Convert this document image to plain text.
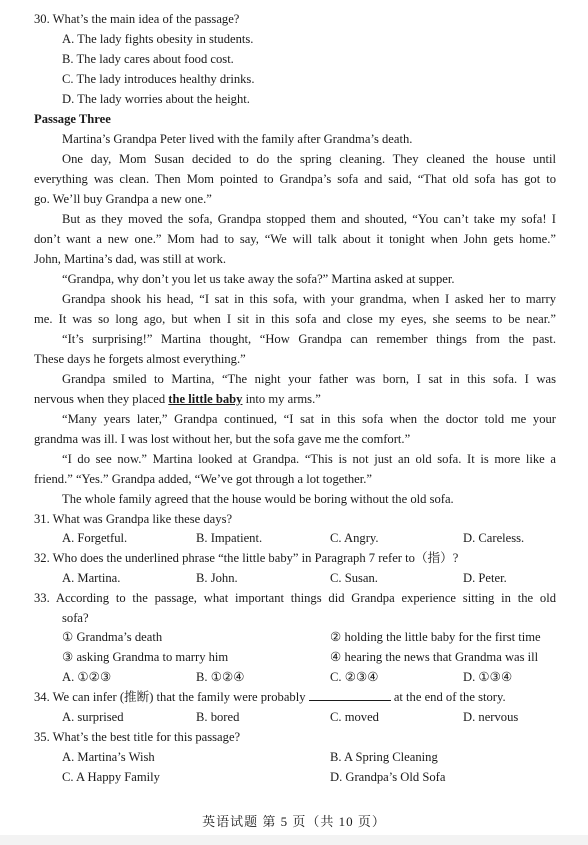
30. What’s the main idea of the passage?
A. The lady fights obesity in students.
B. The lady cares about food cost.
C. The lady introduces healthy drinks.
D. The lady worries about the height.
Passage Three
Martina’s Grandpa Peter lived with the family after Grandma’s death.
One day, Mom Susan decided to do the spring cleaning. They cleaned the house until
everything was clean. Then Mom pointed to Grandpa’s sofa and said, “That old sofa has got to
go. We’ll buy Grandpa a new one.”
But as they moved the sofa, Grandpa stopped them and shouted, “You can’t take my sofa! I
don’t want a new one.” Mom had to say, “We will talk about it tonight when John gets home.”
John, Martina’s dad, was still at work.
“Grandpa, why don’t you let us take away the sofa?” Martina asked at supper.
Grandpa shook his head, “I sat in this sofa, with your grandma, when I asked her to marry
me. It was so long ago, but when I sit in this sofa and close my eyes, she seems to be near.”
“It’s surprising!” Martina thought, “How Grandpa can remember things from the past.
These days he forgets almost everything.”
Grandpa smiled to Martina, “The night your father was born, I sat in this sofa. I was
nervous when they placed the little baby into my arms.”
“Many years later,” Grandpa continued, “I sat in this sofa when the doctor told me your
grandma was ill. I was lost without her, but the sofa gave me the comfort.”
“I do see now.” Martina looked at Grandpa. “This is not just an old sofa. It is more like a
friend.” “Yes.” Grandpa added, “We’ve got through a lot together.”
The whole family agreed that the house would be boring without the old sofa.
31. What was Grandpa like these days?
A. Forgetful.	B. Impatient.	C. Angry.	D. Careless.
32. Who does the underlined phrase “the little baby” in Paragraph 7 refer to（指）?
A. Martina.	B. John.	C. Susan.	D. Peter.
33. According to the passage, what important things did Grandpa experience sitting in the old
sofa?
① Grandma’s death	② holding the little baby for the first time
③ asking Grandma to marry him	④ hearing the news that Grandma was ill
A. ①②③	B. ①②④	C. ②③④	D. ①③④
34. We can infer (推断) that the family were probably	at the end of the story.
A. surprised	B. bored	C. moved	D. nervous
35. What’s the best title for this passage?
A. Martina’s Wish	B. A Spring Cleaning
C. A Happy Family	D. Grandpa’s Old Sofa
英语试题 第 5 页（共 10 页）
